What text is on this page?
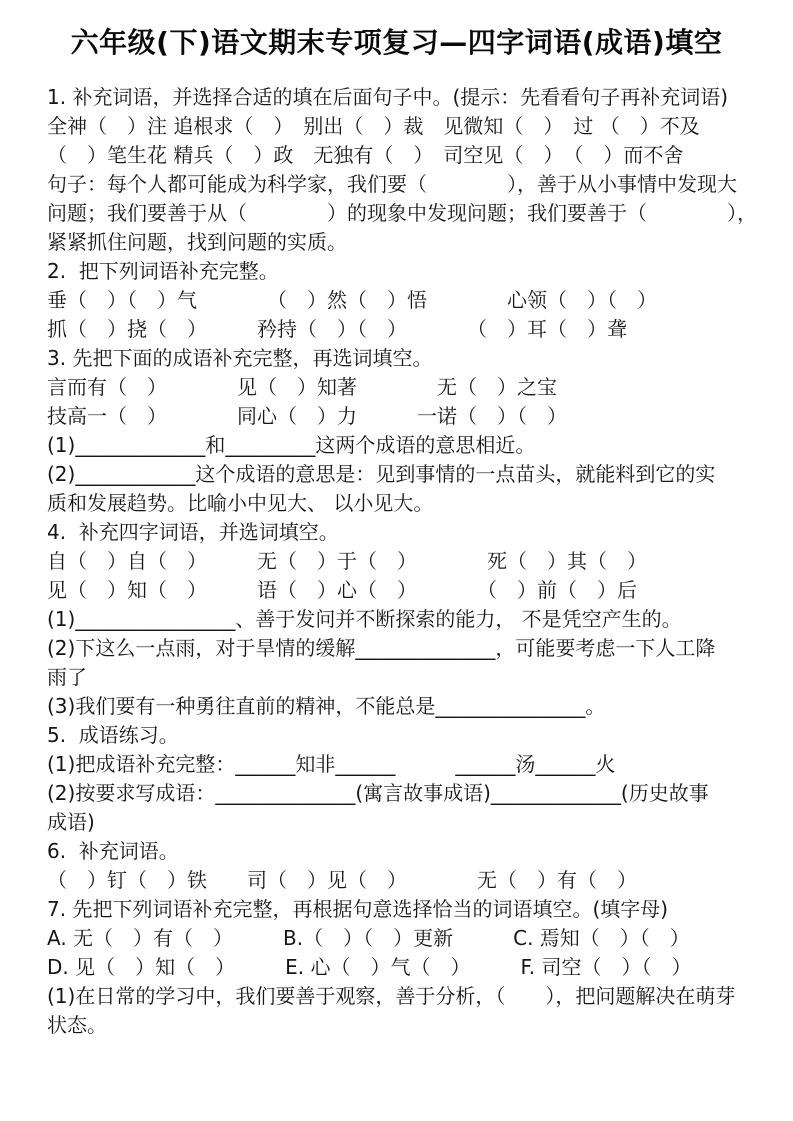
六年级(下)语文期末专项复习—四字词语(成语)填空

1. 补充词语，并选择合适的填在后面句子中。(提示：先看看句子再补充词语)

全神（　）注 追根求（　）　别出（　）裁　见微知（　）　过 （　）不及

（　）笔生花 精兵（　）政　无独有（　）　司空见（　）　（　）而不舍

句子：每个人都可能成为科学家，我们要（　　　　），善于从小事情中发现大

问题；我们要善于从（　　　　）的现象中发现问题；我们要善于（　　　　），

紧紧抓住问题，找到问题的实质。

2.  把下列词语补充完整。

垂（　）（　）气　　　　（　）然（　）悟　　　　心领（　）（　）

抓（　）挠（　）　　　矜持（　）（　）　　　　（　）耳（　）聋

3. 先把下面的成语补充完整，再选词填空。

言而有（　）　　　　见（　）知著　　　　无（　）之宝

技高一（　）　　　　同心（　）力　　　一诺（　）（　）

(1)_____________和_________这两个成语的意思相近。

(2)____________这个成语的意思是：见到事情的一点苗头，就能料到它的实

质和发展趋势。比喻小中见大、 以小见大。

4.  补充四字词语，并选词填空。

自（　）自（　）　　　无（　）于（　）　　　　死（　）其（　）

见（　）知（　）　　　语（　）心（　）　　　　（　）前（　）后

(1)________________、善于发问并不断探索的能力， 不是凭空产生的。

(2)下这么一点雨，对于旱情的缓解______________，可能要考虑一下人工降

雨了

(3)我们要有一种勇往直前的精神，不能总是_______________。

5.  成语练习。

(1)把成语补充完整：______知非______　　　______汤______火

(2)按要求写成语：______________(寓言故事成语)_____________(历史故事

成语)

6.  补充词语。

（　）钉（　）铁　　司（　）见（　）　　　　无（　）有（　）

7. 先把下列词语补充完整，再根据句意选择恰当的词语填空。(填字母)

A. 无（　）有（　）　　　B.（　）（　）更新　　　C. 焉知（　）（　）

D. 见（　）知（　）　　　E. 心（　）气（　）　　　F. 司空（　）（　）

(1)在日常的学习中，我们要善于观察，善于分析，（　　），把问题解决在萌芽

状态。
